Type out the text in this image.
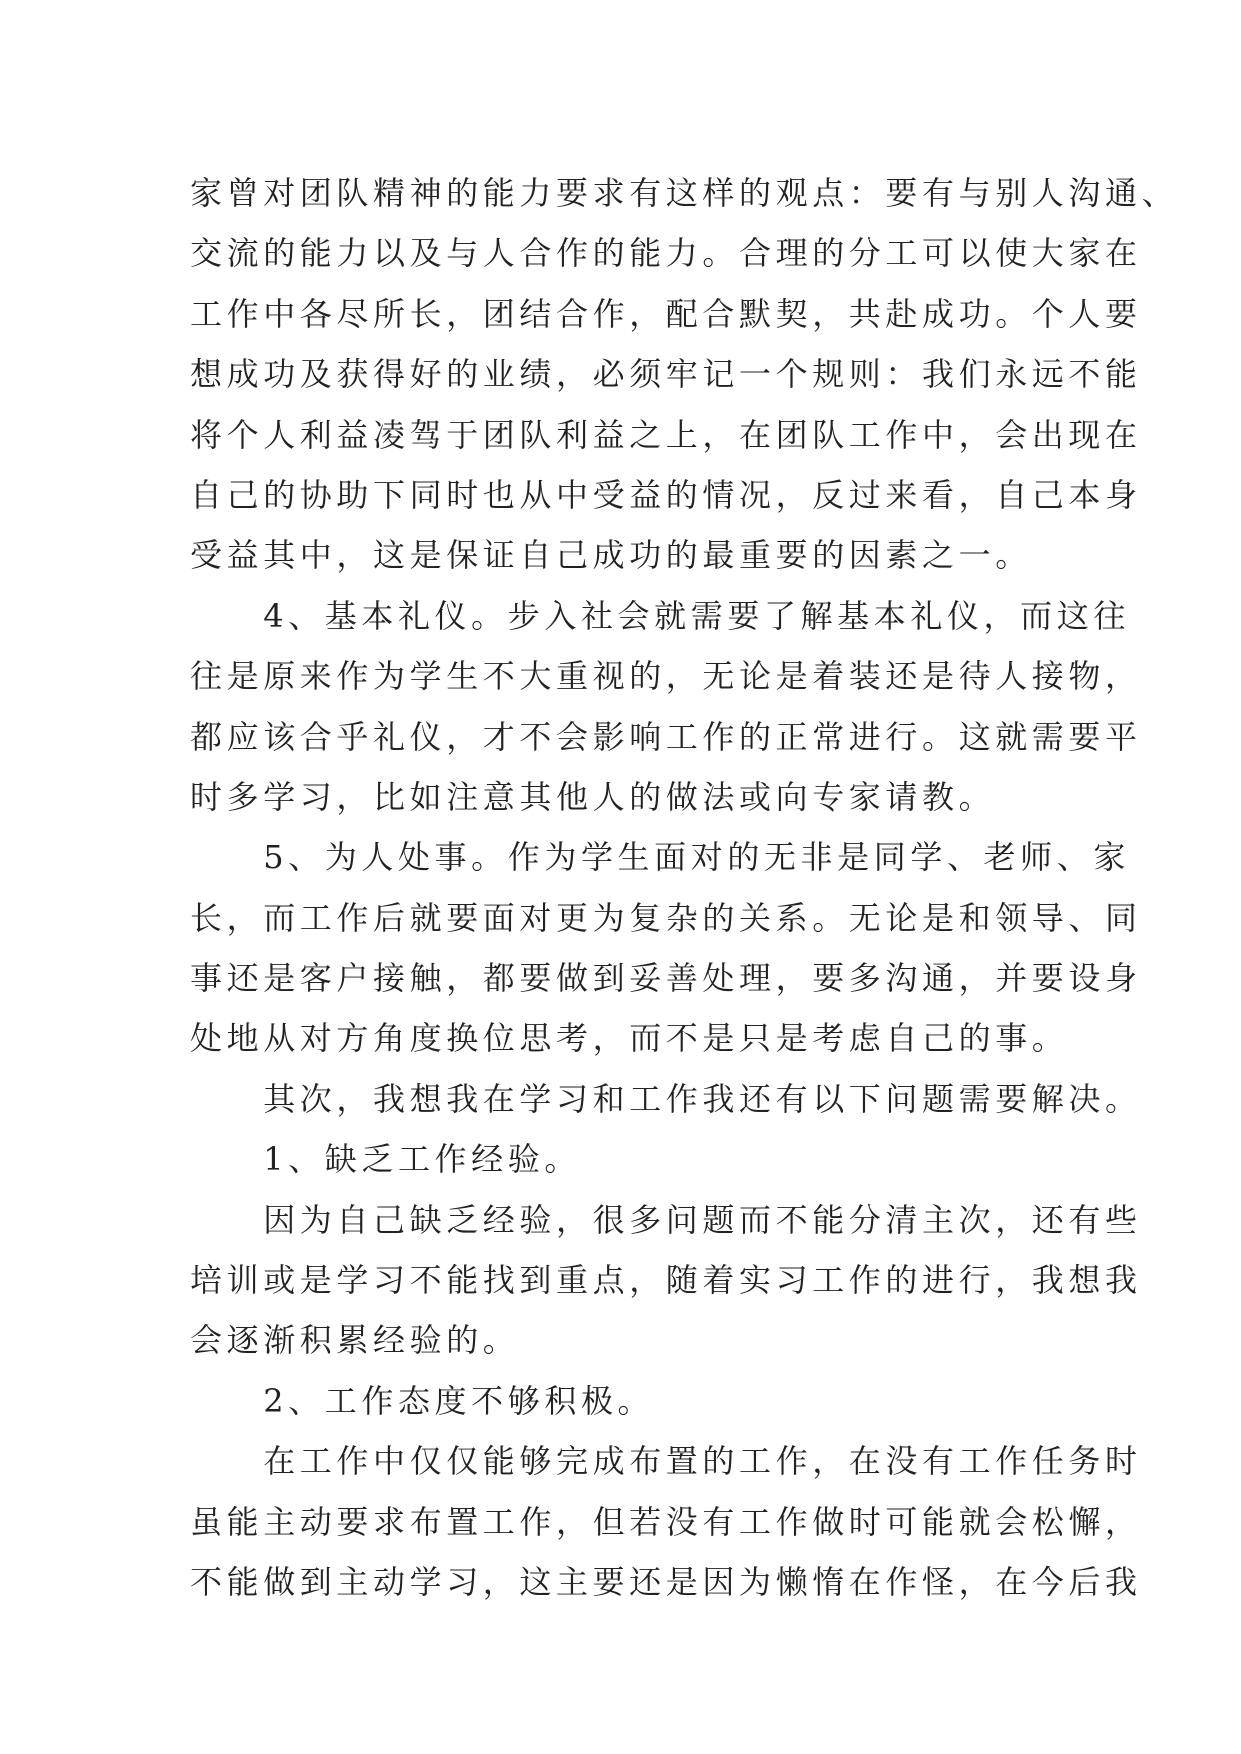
家曾对团队精神的能力要求有这样的观点：要有与别人沟通、
交流的能力以及与人合作的能力。合理的分工可以使大家在
工作中各尽所长，团结合作，配合默契，共赴成功。个人要
想成功及获得好的业绩，必须牢记一个规则：我们永远不能
将个人利益凌驾于团队利益之上，在团队工作中，会出现在
自己的协助下同时也从中受益的情况，反过来看，自己本身
受益其中，这是保证自己成功的最重要的因素之一。
　　4、基本礼仪。步入社会就需要了解基本礼仪，而这往
往是原来作为学生不大重视的，无论是着装还是待人接物，
都应该合乎礼仪，才不会影响工作的正常进行。这就需要平
时多学习，比如注意其他人的做法或向专家请教。
　　5、为人处事。作为学生面对的无非是同学、老师、家
长，而工作后就要面对更为复杂的关系。无论是和领导、同
事还是客户接触，都要做到妥善处理，要多沟通，并要设身
处地从对方角度换位思考，而不是只是考虑自己的事。
　　其次，我想我在学习和工作我还有以下问题需要解决。
　　1、缺乏工作经验。
　　因为自己缺乏经验，很多问题而不能分清主次，还有些
培训或是学习不能找到重点，随着实习工作的进行，我想我
会逐渐积累经验的。
　　2、工作态度不够积极。
　　在工作中仅仅能够完成布置的工作，在没有工作任务时
虽能主动要求布置工作，但若没有工作做时可能就会松懈，
不能做到主动学习，这主要还是因为懒惰在作怪，在今后我
